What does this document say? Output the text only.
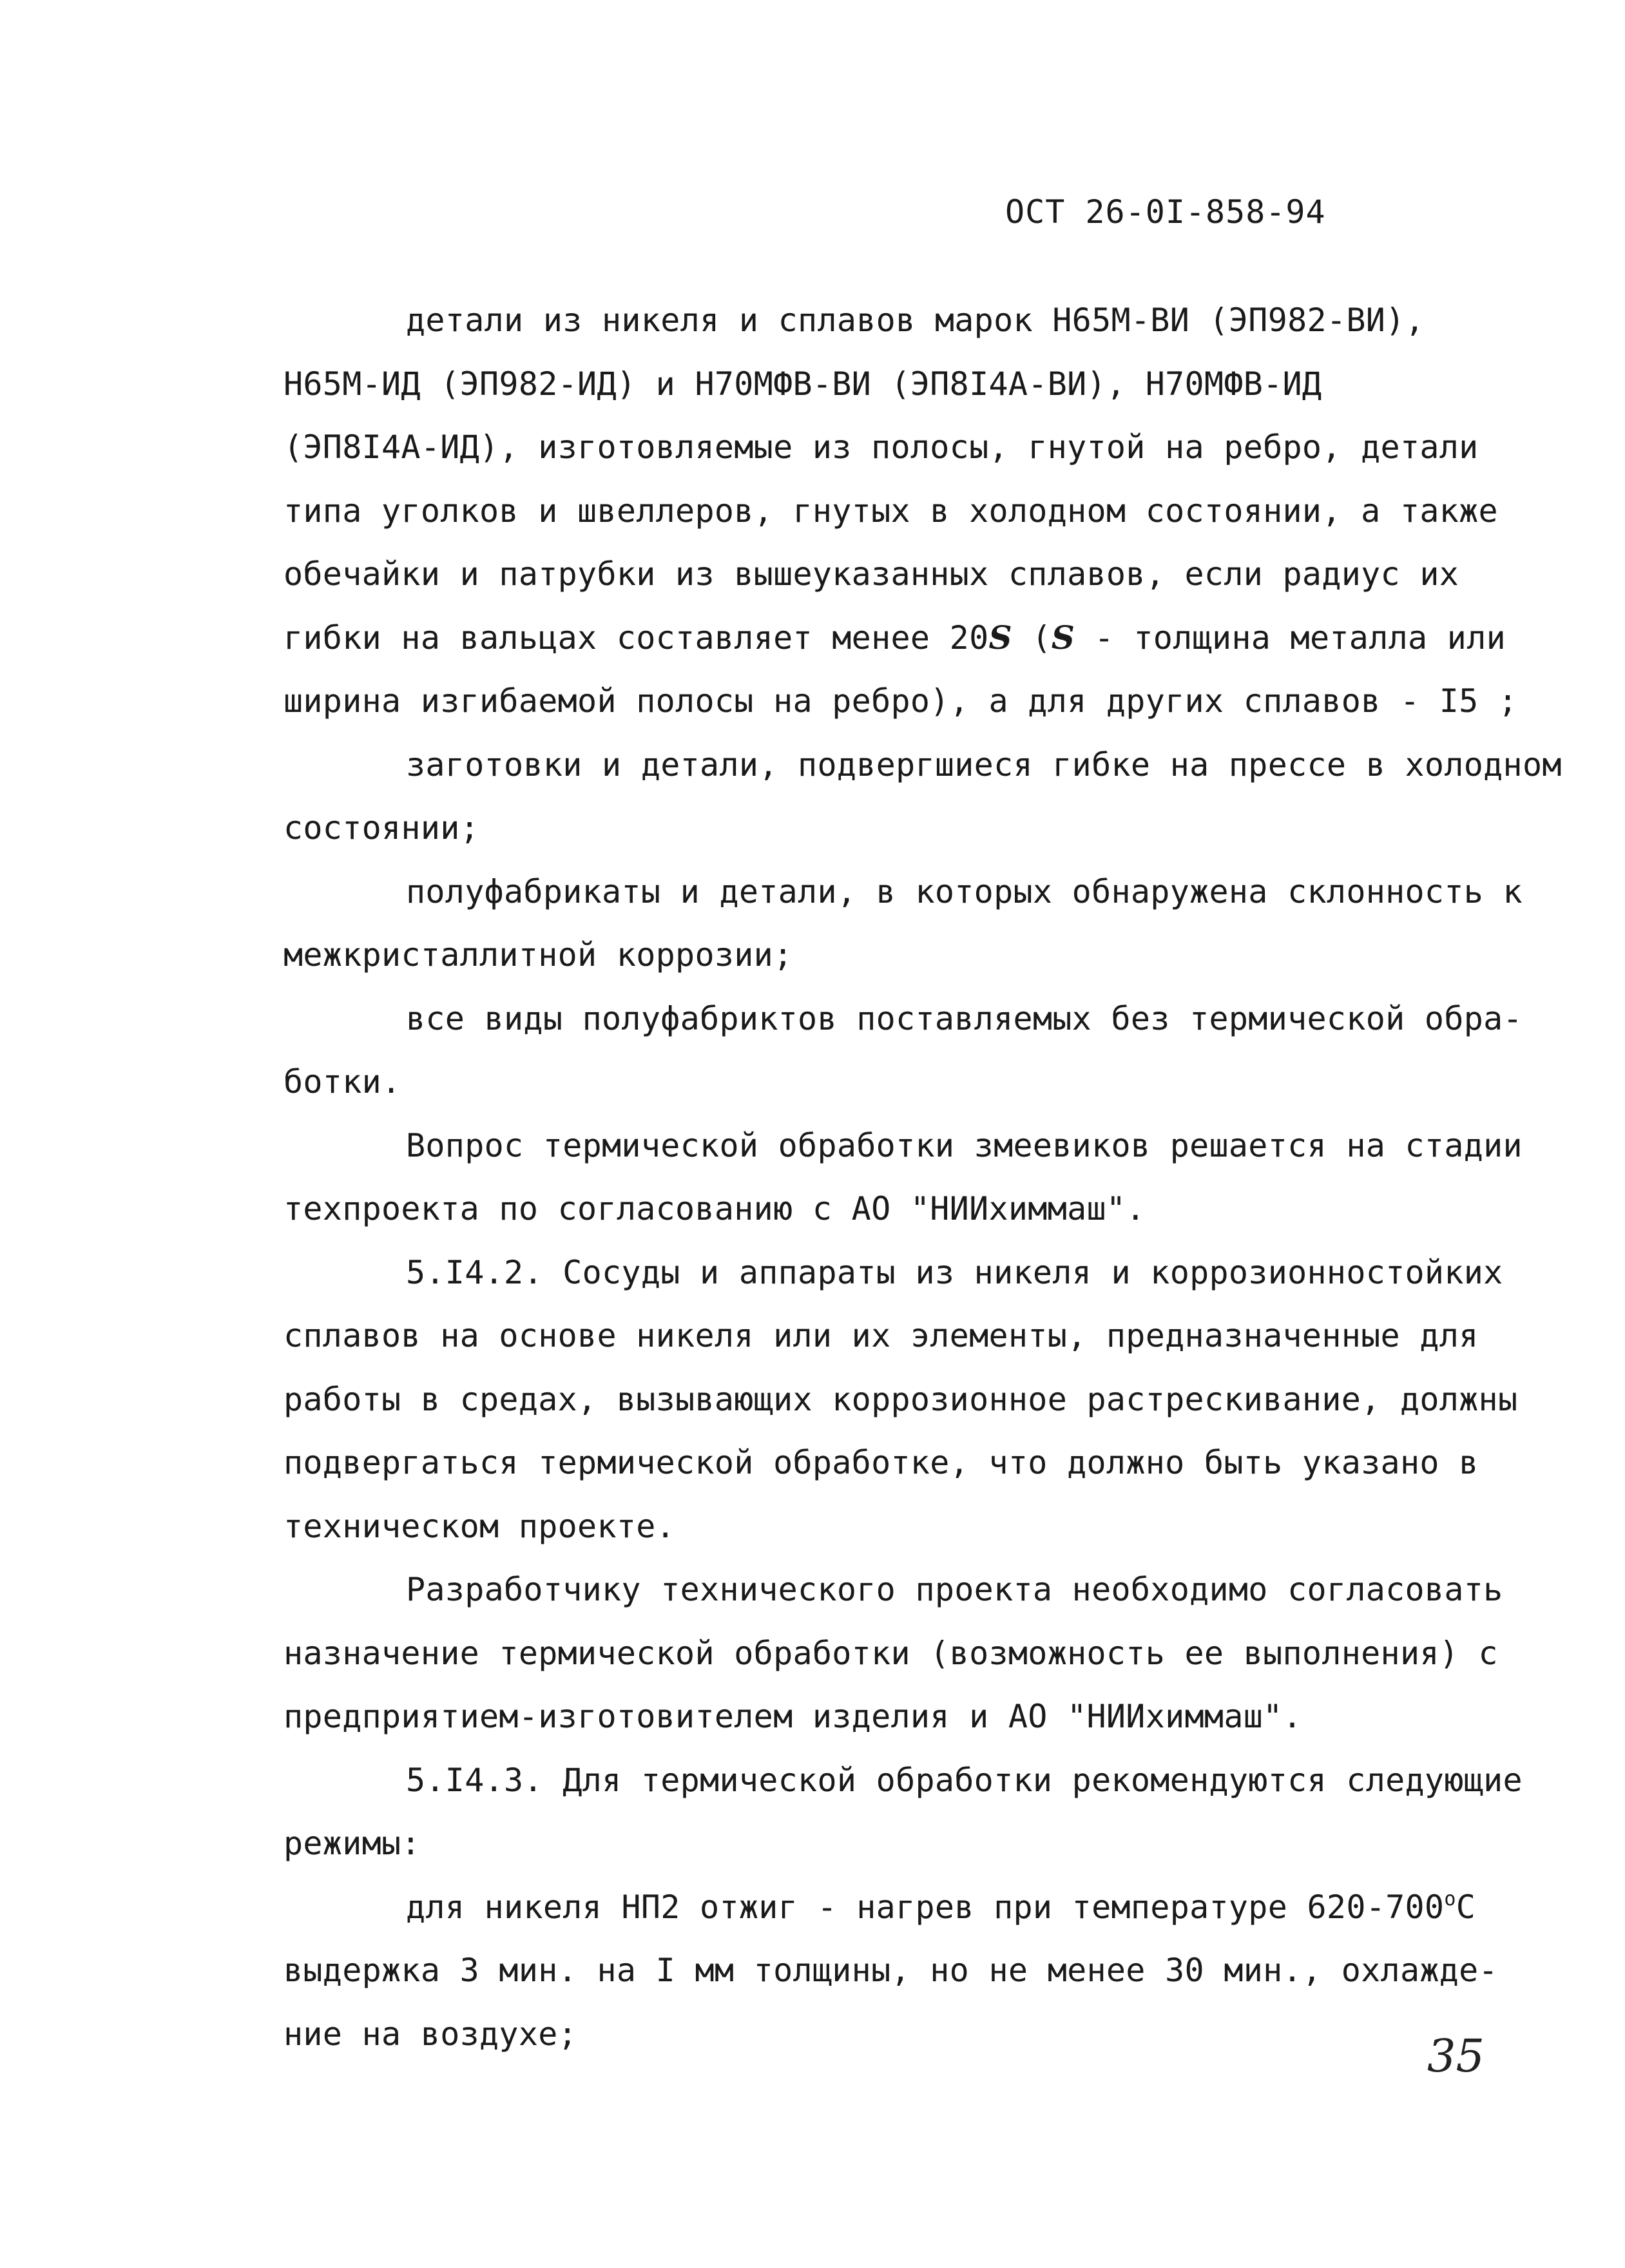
ОСТ 26-0I-858-94
детали из никеля и сплавов марок Н65М-ВИ (ЭП982-ВИ),
Н65М-ИД (ЭП982-ИД) и Н70МФВ-ВИ (ЭП8I4А-ВИ), Н70МФВ-ИД
(ЭП8I4А-ИД), изготовляемые из полосы, гнутой на ребро, детали
типа уголков и швеллеров, гнутых в холодном состоянии, а также
обечайки и патрубки из вышеуказанных сплавов, если радиус их
гибки на вальцах составляет менее 20S (S - толщина металла или
ширина изгибаемой полосы на ребро), а для других сплавов - I5 ;
заготовки и детали, подвергшиеся гибке на прессе в холодном
состоянии;
полуфабрикаты и детали, в которых обнаружена склонность к
межкристаллитной коррозии;
все виды полуфабриктов поставляемых без термической обра-
ботки.
Вопрос термической обработки змеевиков решается на стадии
техпроекта по согласованию с АО "НИИхиммаш".
5.I4.2. Сосуды и аппараты из никеля и коррозионностойких
сплавов на основе никеля или их элементы, предназначенные для
работы в средах, вызывающих коррозионное растрескивание, должны
подвергаться термической обработке, что должно быть указано в
техническом проекте.
Разработчику технического проекта необходимо согласовать
назначение термической обработки (возможность ее выполнения) с
предприятием-изготовителем изделия и АО "НИИхиммаш".
5.I4.3. Для термической обработки рекомендуются следующие
режимы:
для никеля НП2 отжиг - нагрев при температуре $620-700^оС$
выдержка 3 мин. на I мм толщины, но не менее 30 мин., охлажде-
ние на воздухе;	35
